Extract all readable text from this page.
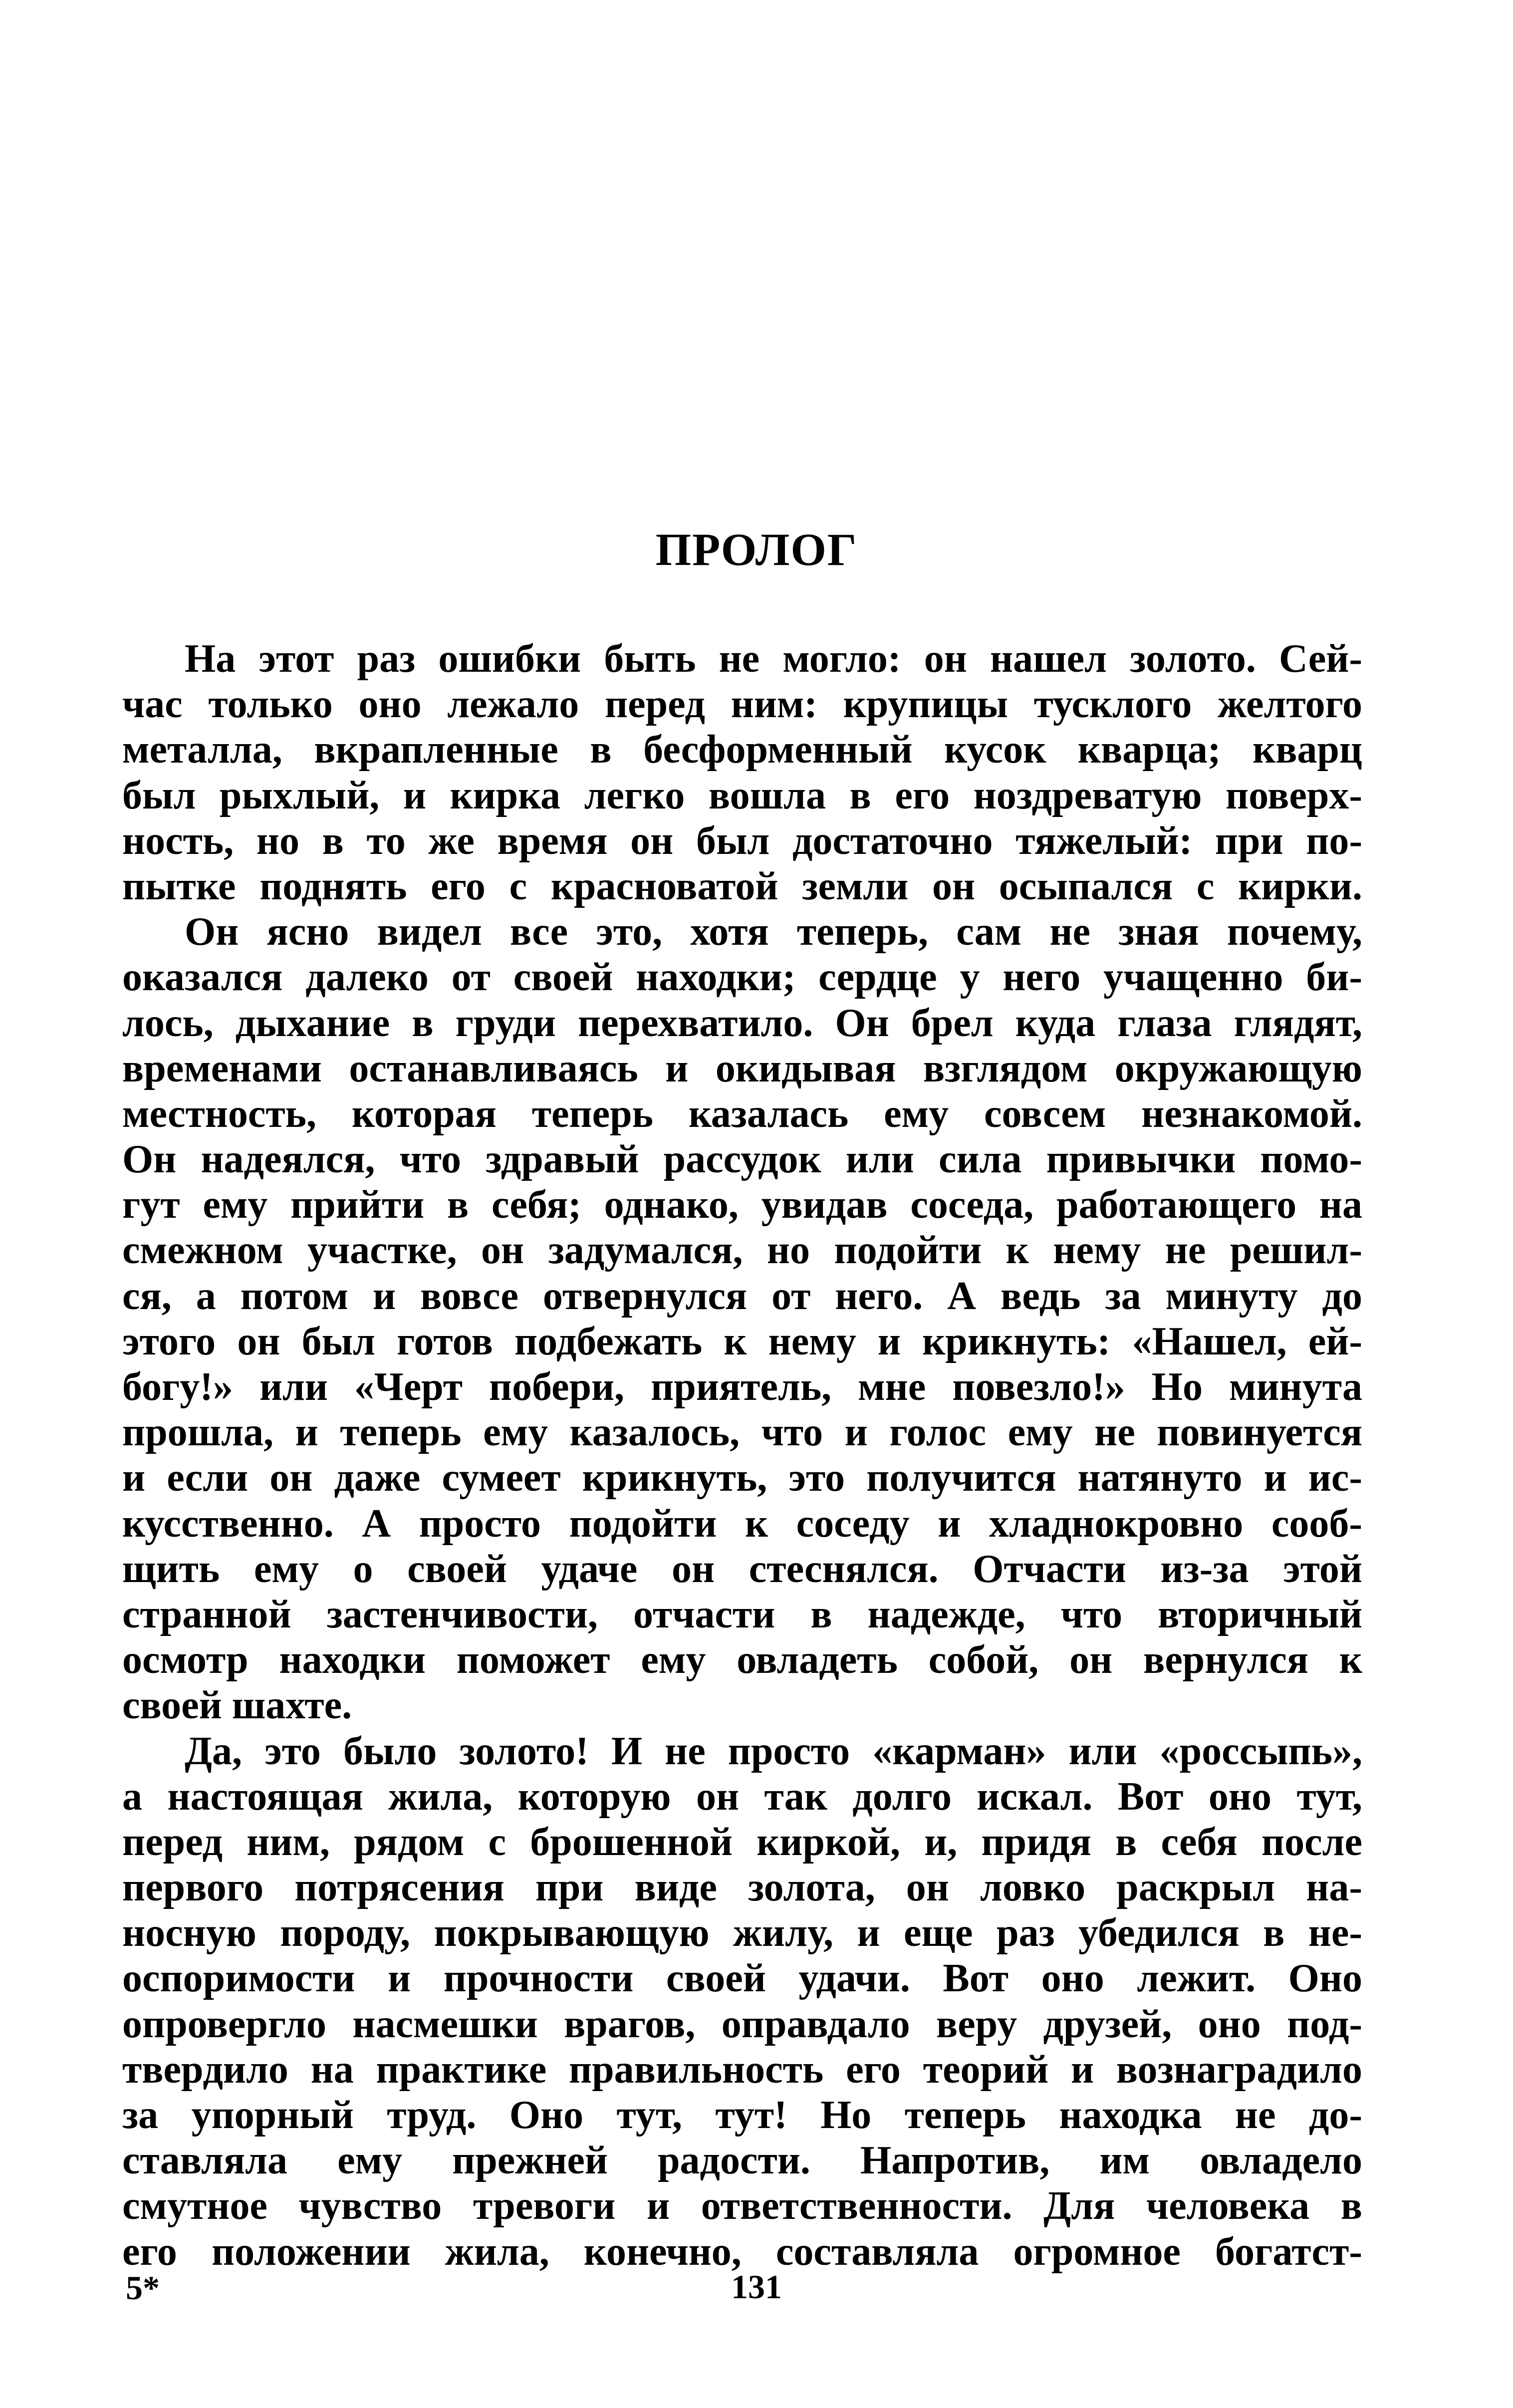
ПРОЛОГ
На этот раз ошибки быть не могло: он нашел золото. Сей-
час только оно лежало перед ним: крупицы тусклого желтого
металла, вкрапленные в бесформенный кусок кварца; кварц
был рыхлый, и кирка легко вошла в его ноздреватую поверх-
ность, но в то же время он был достаточно тяжелый: при по-
пытке поднять его с красноватой земли он осыпался с кирки.
Он ясно видел все это, хотя теперь, сам не зная почему,
оказался далеко от своей находки; сердце у него учащенно би-
лось, дыхание в груди перехватило. Он брел куда глаза глядят,
временами останавливаясь и окидывая взглядом окружающую
местность, которая теперь казалась ему совсем незнакомой.
Он надеялся, что здравый рассудок или сила привычки помо-
гут ему прийти в себя; однако, увидав соседа, работающего на
смежном участке, он задумался, но подойти к нему не решил-
ся, а потом и вовсе отвернулся от него. А ведь за минуту до
этого он был готов подбежать к нему и крикнуть: «Нашел, ей-
богу!» или «Черт побери, приятель, мне повезло!» Но минута
прошла, и теперь ему казалось, что и голос ему не повинуется
и если он даже сумеет крикнуть, это получится натянуто и ис-
кусственно. А просто подойти к соседу и хладнокровно сооб-
щить ему о своей удаче он стеснялся. Отчасти из-за этой
странной застенчивости, отчасти в надежде, что вторичный
осмотр находки поможет ему овладеть собой, он вернулся к
своей шахте.
Да, это было золото! И не просто «карман» или «россыпь»,
а настоящая жила, которую он так долго искал. Вот оно тут,
перед ним, рядом с брошенной киркой, и, придя в себя после
первого потрясения при виде золота, он ловко раскрыл на-
носную породу, покрывающую жилу, и еще раз убедился в не-
оспоримости и прочности своей удачи. Вот оно лежит. Оно
опровергло насмешки врагов, оправдало веру друзей, оно под-
твердило на практике правильность его теорий и вознаградило
за упорный труд. Оно тут, тут! Но теперь находка не до-
ставляла ему прежней радости. Напротив, им овладело
смутное чувство тревоги и ответственности. Для человека в
его положении жила, конечно, составляла огромное богатст-
5*	131
